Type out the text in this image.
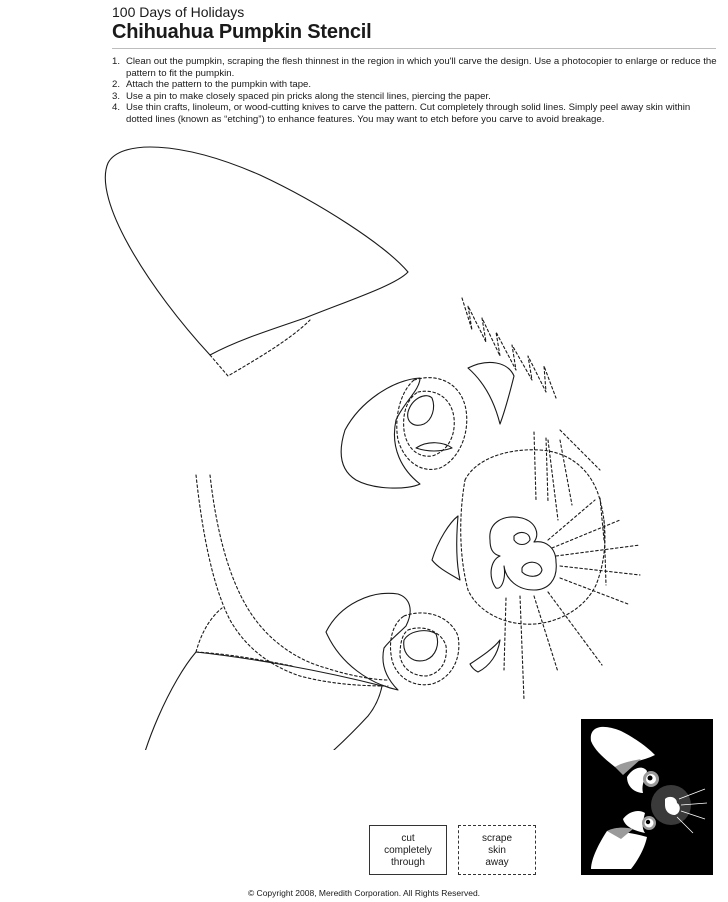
100 Days of Holidays
Chihuahua Pumpkin Stencil
1. Clean out the pumpkin, scraping the flesh thinnest in the region in which you'll carve the design. Use a photocopier to enlarge or reduce the pattern to fit the pumpkin.
2. Attach the pattern to the pumpkin with tape.
3. Use a pin to make closely spaced pin pricks along the stencil lines, piercing the paper.
4. Use thin crafts, linoleum, or wood-cutting knives to carve the pattern. Cut completely through solid lines. Simply peel away skin within dotted lines (known as “etching”) to enhance features. You may want to etch before you carve to avoid breakage.
cut
completely
through
scrape
skin
away
© Copyright 2008, Meredith Corporation. All Rights Reserved.
